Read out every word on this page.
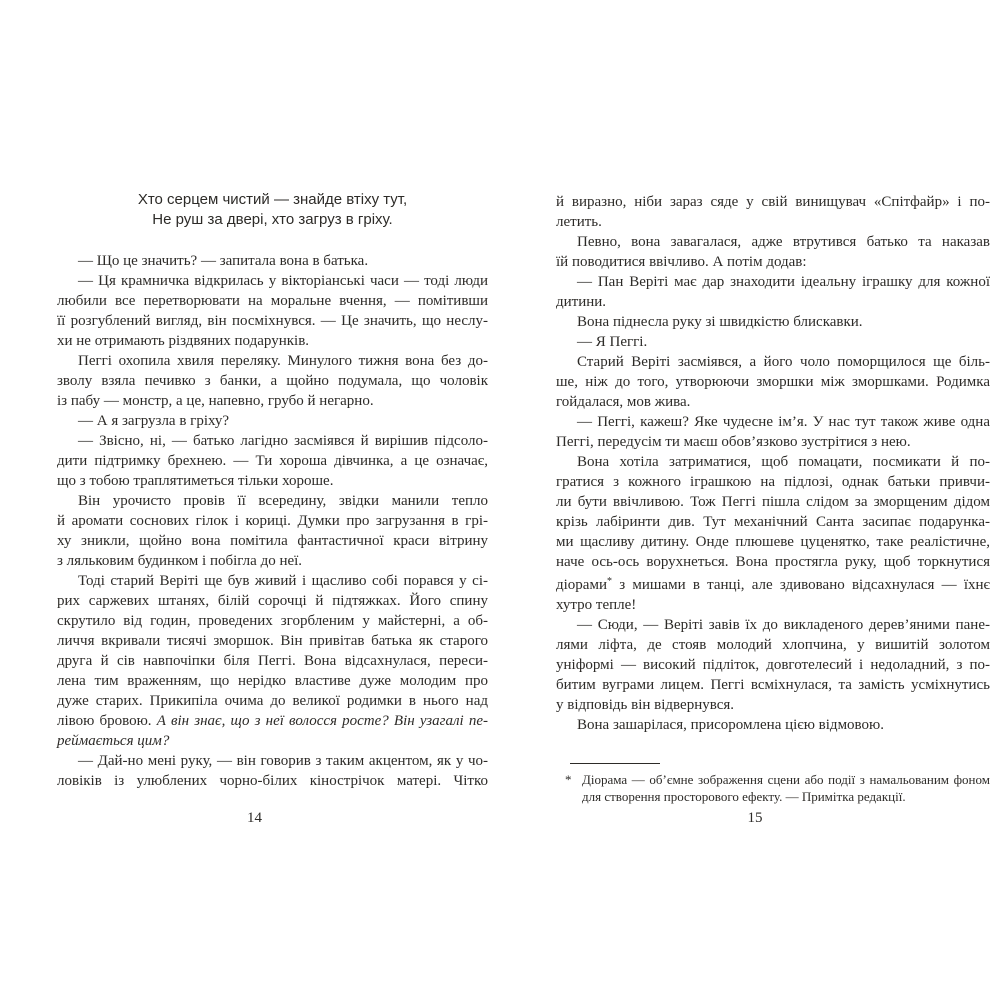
Хто серцем чистий — знайде втіху тут,
Не руш за двері, хто загруз в гріху.
— Що це значить? — запитала вона в батька.
— Ця крамничка відкрилась у вікторіанські часи — тоді люди
любили все перетворювати на моральне вчення, — помітивши
її розгублений вигляд, він посміхнувся. — Це значить, що неслу-
хи не отримають різдвяних подарунків.
Пеггі охопила хвиля переляку. Минулого тижня вона без до-
зволу взяла печивко з банки, а щойно подумала, що чоловік
із пабу — монстр, а це, напевно, грубо й негарно.
— А я загрузла в гріху?
— Звісно, ні, — батько лагідно засміявся й вирішив підсоло-
дити підтримку брехнею. — Ти хороша дівчинка, а це означає,
що з тобою траплятиметься тільки хороше.
Він урочисто провів її всередину, звідки манили тепло
й аромати соснових гілок і кориці. Думки про загрузання в грі-
ху зникли, щойно вона помітила фантастичної краси вітрину
з ляльковим будинком і побігла до неї.
Тоді старий Веріті ще був живий і щасливо собі порався у сі-
рих саржевих штанях, білій сорочці й підтяжках. Його спину
скрутило від годин, проведених згорбленим у майстерні, а об-
личчя вкривали тисячі зморшок. Він привітав батька як старого
друга й сів навпочіпки біля Пеггі. Вона відсахнулася, переси-
лена тим враженням, що нерідко властиве дуже молодим про
дуже старих. Прикипіла очима до великої родимки в нього над
лівою бровою. А він знає, що з неї волосся росте? Він узагалі пе-
реймається цим?
— Дай-но мені руку, — він говорив з таким акцентом, як у чо-
ловіків із улюблених чорно-білих кінострічок матері. Чітко
14
й виразно, ніби зараз сяде у свій винищувач «Спітфайр» і по-
летить.
Певно, вона завагалася, адже втрутився батько та наказав
їй поводитися ввічливо. А потім додав:
— Пан Веріті має дар знаходити ідеальну іграшку для кожної
дитини.
Вона піднесла руку зі швидкістю блискавки.
— Я Пеггі.
Старий Веріті засміявся, а його чоло поморщилося ще біль-
ше, ніж до того, утворюючи зморшки між зморшками. Родимка
гойдалася, мов жива.
— Пеггі, кажеш? Яке чудесне ім’я. У нас тут також живе одна
Пеггі, передусім ти маєш обов’язково зустрітися з нею.
Вона хотіла затриматися, щоб помацати, посмикати й по-
гратися з кожного іграшкою на підлозі, однак батьки привчи-
ли бути ввічливою. Тож Пеггі пішла слідом за зморщеним дідом
крізь лабіринти див. Тут механічний Санта засипає подарунка-
ми щасливу дитину. Онде плюшеве цуценятко, таке реалістичне,
наче ось-ось ворухнеться. Вона простягла руку, щоб торкнутися
діорами* з мишами в танці, але здивовано відсахнулася — їхнє
хутро тепле!
— Сюди, — Веріті завів їх до викладеного дерев’яними пане-
лями ліфта, де стояв молодий хлопчина, у вишитій золотом
уніформі — високий підліток, довготелесий і недоладний, з по-
битим вуграми лицем. Пеггі всміхнулася, та замість усміхнутись
у відповідь він відвернувся.
Вона зашарілася, присоромлена цією відмовою.
* Діорама — об’ємне зображення сцени або події з намальованим фоном
для створення просторового ефекту. — Примітка редакції.
15
